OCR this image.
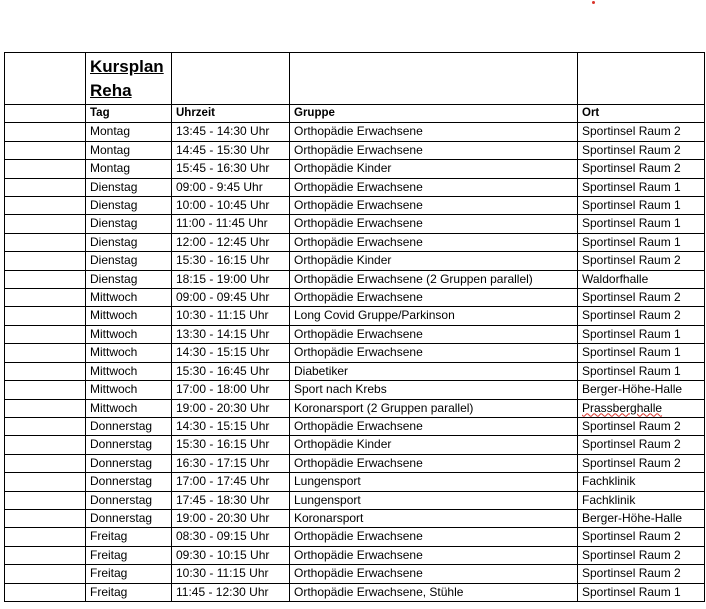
	Kursplan Reha			

	Tag	Uhrzeit	Gruppe	Ort
	Montag	13:45 - 14:30 Uhr	Orthopädie Erwachsene	Sportinsel Raum 2
	Montag	14:45 - 15:30 Uhr	Orthopädie Erwachsene	Sportinsel Raum 2
	Montag	15:45 - 16:30 Uhr	Orthopädie Kinder	Sportinsel Raum 2
	Dienstag	09:00 - 9:45 Uhr	Orthopädie Erwachsene	Sportinsel Raum 1
	Dienstag	10:00 - 10:45 Uhr	Orthopädie Erwachsene	Sportinsel Raum 1
	Dienstag	11:00 - 11:45 Uhr	Orthopädie Erwachsene	Sportinsel Raum 1
	Dienstag	12:00 - 12:45 Uhr	Orthopädie Erwachsene	Sportinsel Raum 1
	Dienstag	15:30 - 16:15 Uhr	Orthopädie Kinder	Sportinsel Raum 2
	Dienstag	18:15 - 19:00 Uhr	Orthopädie Erwachsene (2 Gruppen parallel)	Waldorfhalle
	Mittwoch	09:00 - 09:45 Uhr	Orthopädie Erwachsene	Sportinsel Raum 2
	Mittwoch	10:30 - 11:15 Uhr	Long Covid Gruppe/Parkinson	Sportinsel Raum 2
	Mittwoch	13:30 - 14:15 Uhr	Orthopädie Erwachsene	Sportinsel Raum 1
	Mittwoch	14:30 - 15:15 Uhr	Orthopädie Erwachsene	Sportinsel Raum 1
	Mittwoch	15:30 - 16:45 Uhr	Diabetiker	Sportinsel Raum 1
	Mittwoch	17:00 - 18:00 Uhr	Sport nach Krebs	Berger-Höhe-Halle
	Mittwoch	19:00 - 20:30 Uhr	Koronarsport (2 Gruppen parallel)	Prassberghalle
	Donnerstag	14:30 - 15:15 Uhr	Orthopädie Erwachsene	Sportinsel Raum 2
	Donnerstag	15:30 - 16:15 Uhr	Orthopädie Kinder	Sportinsel Raum 2
	Donnerstag	16:30 - 17:15 Uhr	Orthopädie Erwachsene	Sportinsel Raum 2
	Donnerstag	17:00 - 17:45 Uhr	Lungensport	Fachklinik
	Donnerstag	17:45 - 18:30 Uhr	Lungensport	Fachklinik
	Donnerstag	19:00 - 20:30 Uhr	Koronarsport	Berger-Höhe-Halle
	Freitag	08:30 - 09:15 Uhr	Orthopädie Erwachsene	Sportinsel Raum 2
	Freitag	09:30 - 10:15 Uhr	Orthopädie Erwachsene	Sportinsel Raum 2
	Freitag	10:30 - 11:15 Uhr	Orthopädie Erwachsene	Sportinsel Raum 2
	Freitag	11:45 - 12:30 Uhr	Orthopädie Erwachsene, Stühle	Sportinsel Raum 1
